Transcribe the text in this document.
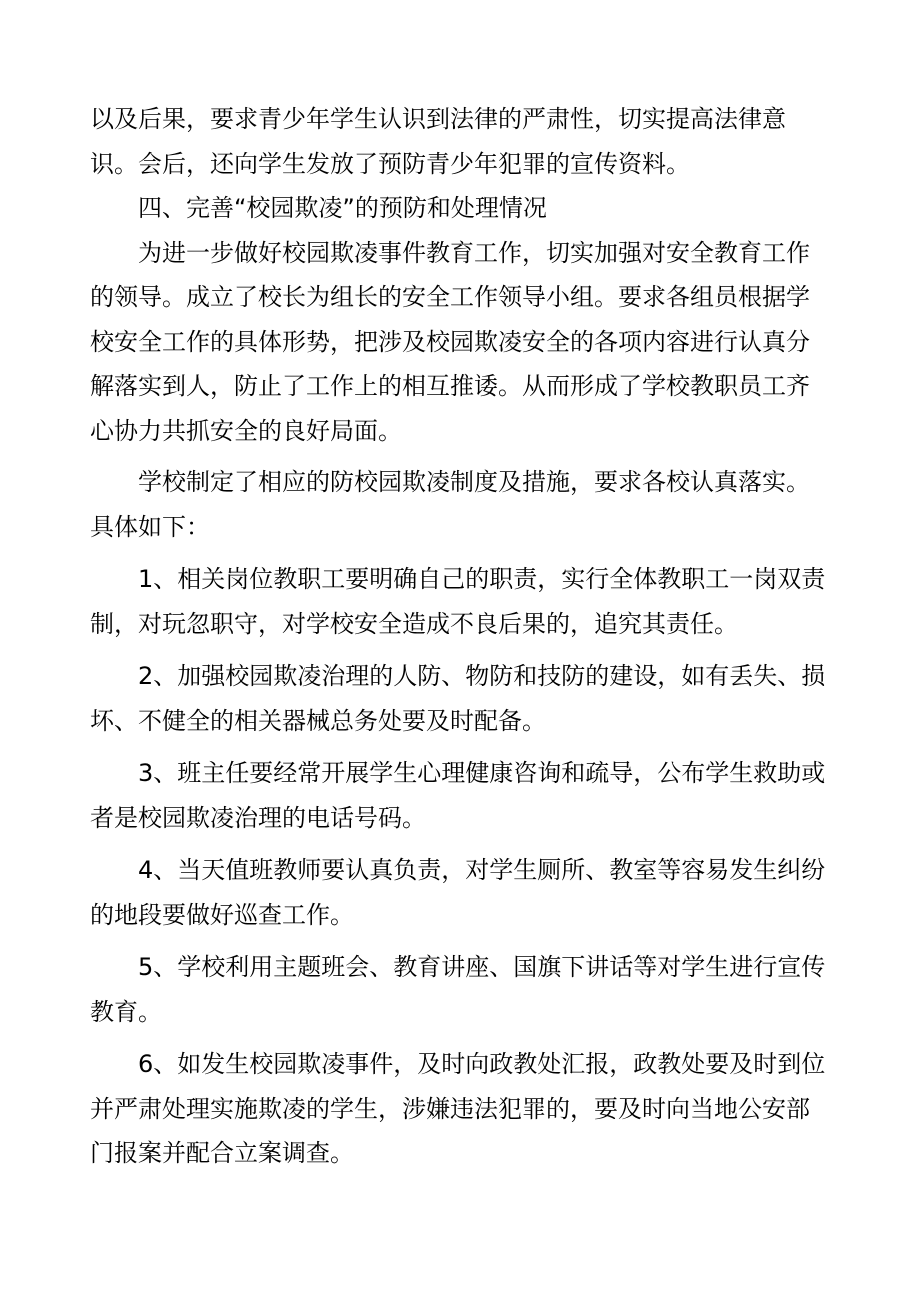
以及后果，要求青少年学生认识到法律的严肃性，切实提高法律意识。会后，还向学生发放了预防青少年犯罪的宣传资料。

四、完善“校园欺凌”的预防和处理情况

为进一步做好校园欺凌事件教育工作，切实加强对安全教育工作的领导。成立了校长为组长的安全工作领导小组。要求各组员根据学校安全工作的具体形势，把涉及校园欺凌安全的各项内容进行认真分解落实到人，防止了工作上的相互推诿。从而形成了学校教职员工齐心协力共抓安全的良好局面。

学校制定了相应的防校园欺凌制度及措施，要求各校认真落实。具体如下：

1、相关岗位教职工要明确自己的职责，实行全体教职工一岗双责制，对玩忽职守，对学校安全造成不良后果的，追究其责任。

2、加强校园欺凌治理的人防、物防和技防的建设，如有丢失、损坏、不健全的相关器械总务处要及时配备。

3、班主任要经常开展学生心理健康咨询和疏导，公布学生救助或者是校园欺凌治理的电话号码。

4、当天值班教师要认真负责，对学生厕所、教室等容易发生纠纷的地段要做好巡查工作。

5、学校利用主题班会、教育讲座、国旗下讲话等对学生进行宣传教育。

6、如发生校园欺凌事件，及时向政教处汇报，政教处要及时到位并严肃处理实施欺凌的学生，涉嫌违法犯罪的，要及时向当地公安部门报案并配合立案调查。
